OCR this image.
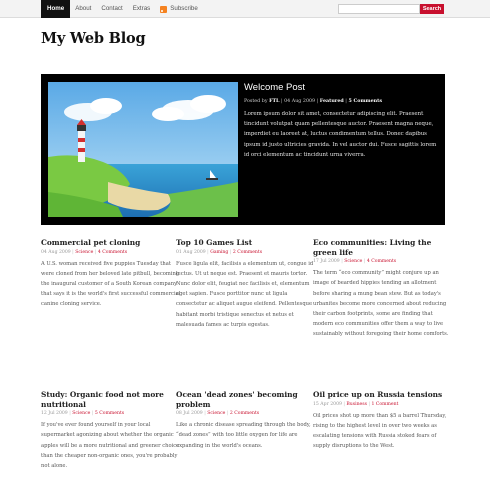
Home	About	Contact	Extras	Subscribe	Search
My Web Blog
Welcome Post
Posted by FTL | 04 Aug 2009 | Featured | 5 Comments
Lorem ipsum dolor sit amet, consectetur adipiscing elit. Praesent tincidunt volutpat quam pellentesque auctor. Praesent magna neque, imperdiet eu laoreet at, luctus condimentum tellus. Donec dapibus ipsum id justo ultricies gravida. In vel auctor dui. Fusce sagittis lorem id orci elementum ac tincidunt urna viverra.
Commercial pet cloning
04 Aug 2009 | Science | 4 Comments
A U.S. woman received five puppies Tuesday that were cloned from her beloved late pitbull, becoming the inaugural customer of a South Korean company that says it is the world's first successful commercial canine cloning service.
Top 10 Games List
01 Aug 2009 | Gaming | 2 Comments
Fusce ligula elit, facilisis a elementum ut, congue id lectus. Ut ut neque est. Praesent et mauris tortor. Nunc dolor elit, feugiat nec facilisis et, elementum eget sapien. Fusce porttitor nunc ut ligula consectetur ac aliquet augue eleifend. Pellentesque habitant morbi tristique senectus et netus et malesuada fames ac turpis egestas.
Eco communities: Living the green life
17 Jul 2009 | Science | 4 Comments
The term “eco community” might conjure up an image of bearded hippies tending an allotment before sharing a mung bean stew. But as today's urbanites become more concerned about reducing their carbon footprints, some are finding that modern eco communities offer them a way to live sustainably without foregoing their home comforts.
Study: Organic food not more nutritional
12 Jul 2009 | Science | 5 Comments
If you've ever found yourself in your local supermarket agonizing about whether the organic apples will be a more nutritional and greener choice than the cheaper non-organic ones, you're probably not alone.
Ocean 'dead zones' becoming problem
08 Jul 2009 | Science | 2 Comments
Like a chronic disease spreading through the body, “dead zones” with too little oxygen for life are expanding in the world's oceans.
Oil price up on Russia tensions
15 Apr 2009 | Business | 1 Comment
Oil prices shot up more than $5 a barrel Thursday, rising to the highest level in over two weeks as escalating tensions with Russia stoked fears of supply disruptions to the West.
